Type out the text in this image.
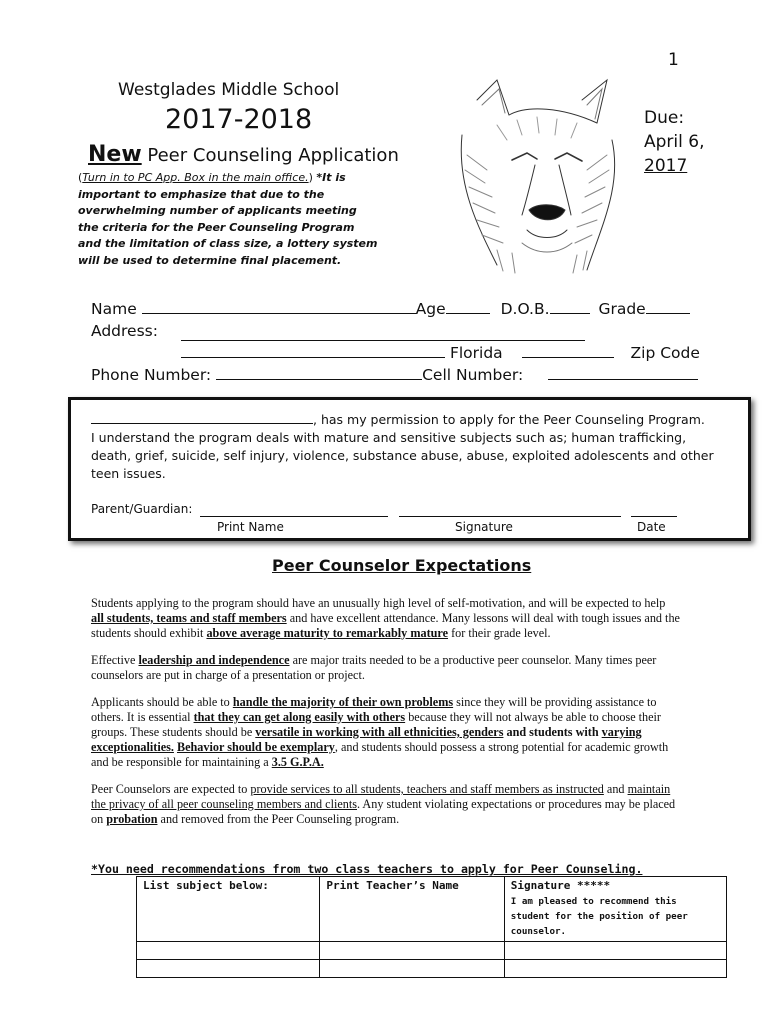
1
Westglades Middle School
2017-2018
New Peer Counseling Application
(Turn in to PC App. Box in the main office.) *It is important to emphasize that due to the overwhelming number of applicants meeting the criteria for the Peer Counseling Program and the limitation of class size, a lottery system will be used to determine final placement.
Due:
April 6,
2017
Name	Age	D.O.B.	Grade
Address:
Florida	Zip Code
Phone Number:	Cell Number:
, has my permission to apply for the Peer Counseling Program.
I understand the program deals with mature and sensitive subjects such as; human trafficking, death, grief, suicide, self injury, violence, substance abuse, abuse, exploited adolescents and other teen issues.
Parent/Guardian:
Print Name	Signature	Date
Peer Counselor Expectations

Students applying to the program should have an unusually high level of self-motivation, and will be expected to help all students, teams and staff members and have excellent attendance. Many lessons will deal with tough issues and the students should exhibit above average maturity to remarkably mature for their grade level.

Effective leadership and independence are major traits needed to be a productive peer counselor. Many times peer counselors are put in charge of a presentation or project.

Applicants should be able to handle the majority of their own problems since they will be providing assistance to others. It is essential that they can get along easily with others because they will not always be able to choose their groups. These students should be versatile in working with all ethnicities, genders and students with varying exceptionalities. Behavior should be exemplary, and students should possess a strong potential for academic growth and be responsible for maintaining a 3.5 G.P.A.

Peer Counselors are expected to provide services to all students, teachers and staff members as instructed and maintain the privacy of all peer counseling members and clients. Any student violating expectations or procedures may be placed on probation and removed from the Peer Counseling program.

*You need recommendations from two class teachers to apply for Peer Counseling.
List subject below:	Print Teacher’s Name	Signature *****
I am pleased to recommend this student for the position of peer counselor.
